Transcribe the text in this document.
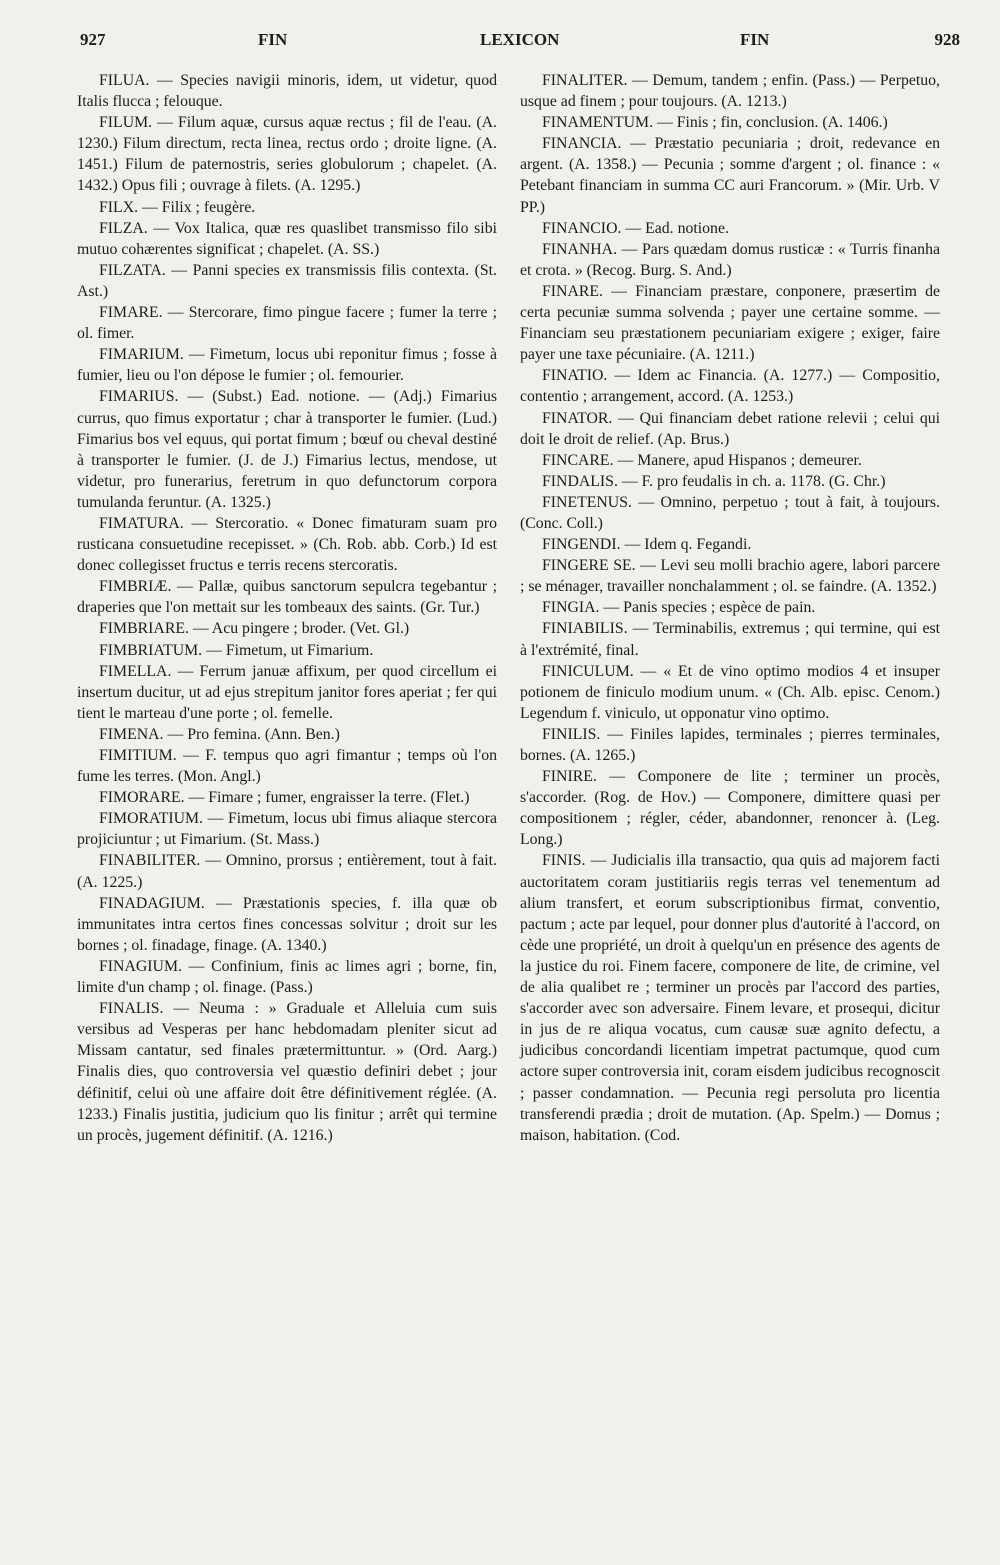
927	FIN	LEXICON	FIN	928

FILUA. — Species navigii minoris, idem, ut videtur, quod Italis flucca ; felouque.

FILUM. — Filum aquæ, cursus aquæ rectus ; fil de l'eau. (A. 1230.) Filum directum, recta linea, rectus ordo ; droite ligne. (A. 1451.) Filum de paternostris, series globulorum ; chapelet. (A. 1432.) Opus fili ; ouvrage à filets. (A. 1295.)

FILX. — Filix ; feugère.

FILZA. — Vox Italica, quæ res quaslibet transmisso filo sibi mutuo cohærentes significat ; chapelet. (A. SS.)

FILZATA. — Panni species ex transmissis filis contexta. (St. Ast.)

FIMARE. — Stercorare, fimo pingue facere ; fumer la terre ; ol. fimer.

FIMARIUM. — Fimetum, locus ubi reponitur fimus ; fosse à fumier, lieu ou l'on dépose le fumier ; ol. femourier.

FIMARIUS. — (Subst.) Ead. notione. — (Adj.) Fimarius currus, quo fimus exportatur ; char à transporter le fumier. (Lud.) Fimarius bos vel equus, qui portat fimum ; bœuf ou cheval destiné à transporter le fumier. (J. de J.) Fimarius lectus, mendose, ut videtur, pro funerarius, feretrum in quo defunctorum corpora tumulanda feruntur. (A. 1325.)

FIMATURA. — Stercoratio. « Donec fimaturam suam pro rusticana consuetudine recepisset. » (Ch. Rob. abb. Corb.) Id est donec collegisset fructus e terris recens stercoratis.

FIMBRIÆ. — Pallæ, quibus sanctorum sepulcra tegebantur ; draperies que l'on mettait sur les tombeaux des saints. (Gr. Tur.)

FIMBRIARE. — Acu pingere ; broder. (Vet. Gl.)

FIMBRIATUM. — Fimetum, ut Fimarium.

FIMELLA. — Ferrum januæ affixum, per quod circellum ei insertum ducitur, ut ad ejus strepitum janitor fores aperiat ; fer qui tient le marteau d'une porte ; ol. femelle.

FIMENA. — Pro femina. (Ann. Ben.)

FIMITIUM. — F. tempus quo agri fimantur ; temps où l'on fume les terres. (Mon. Angl.)

FIMORARE. — Fimare ; fumer, engraisser la terre. (Flet.)

FIMORATIUM. — Fimetum, locus ubi fimus aliaque stercora projiciuntur ; ut Fimarium. (St. Mass.)

FINABILITER. — Omnino, prorsus ; entièrement, tout à fait. (A. 1225.)

FINADAGIUM. — Præstationis species, f. illa quæ ob immunitates intra certos fines concessas solvitur ; droit sur les bornes ; ol. finadage, finage. (A. 1340.)

FINAGIUM. — Confinium, finis ac limes agri ; borne, fin, limite d'un champ ; ol. finage. (Pass.)

FINALIS. — Neuma : » Graduale et Alleluia cum suis versibus ad Vesperas per hanc hebdomadam pleniter sicut ad Missam cantatur, sed finales prætermittuntur. » (Ord. Aarg.) Finalis dies, quo controversia vel quæstio definiri debet ; jour définitif, celui où une affaire doit être définitivement réglée. (A. 1233.) Finalis justitia, judicium quo lis finitur ; arrêt qui termine un procès, jugement définitif. (A. 1216.)

FINALITER. — Demum, tandem ; enfin. (Pass.) — Perpetuo, usque ad finem ; pour toujours. (A. 1213.)

FINAMENTUM. — Finis ; fin, conclusion. (A. 1406.)

FINANCIA. — Præstatio pecuniaria ; droit, redevance en argent. (A. 1358.) — Pecunia ; somme d'argent ; ol. finance : « Petebant financiam in summa CC auri Francorum. » (Mir. Urb. V PP.)

FINANCIO. — Ead. notione.

FINANHA. — Pars quædam domus rusticæ : « Turris finanha et crota. » (Recog. Burg. S. And.)

FINARE. — Financiam præstare, conponere, præsertim de certa pecuniæ summa solvenda ; payer une certaine somme. — Financiam seu præstationem pecuniariam exigere ; exiger, faire payer une taxe pécuniaire. (A. 1211.)

FINATIO. — Idem ac Financia. (A. 1277.) — Compositio, contentio ; arrangement, accord. (A. 1253.)

FINATOR. — Qui financiam debet ratione relevii ; celui qui doit le droit de relief. (Ap. Brus.)

FINCARE. — Manere, apud Hispanos ; demeurer.

FINDALIS. — F. pro feudalis in ch. a. 1178. (G. Chr.)

FINETENUS. — Omnino, perpetuo ; tout à fait, à toujours. (Conc. Coll.)

FINGENDI. — Idem q. Fegandi.

FINGERE SE. — Levi seu molli brachio agere, labori parcere ; se ménager, travailler nonchalamment ; ol. se faindre. (A. 1352.)

FINGIA. — Panis species ; espèce de pain.

FINIABILIS. — Terminabilis, extremus ; qui termine, qui est à l'extrémité, final.

FINICULUM. — « Et de vino optimo modios 4 et insuper potionem de finiculo modium unum. « (Ch. Alb. episc. Cenom.) Legendum f. viniculo, ut opponatur vino optimo.

FINILIS. — Finiles lapides, terminales ; pierres terminales, bornes. (A. 1265.)

FINIRE. — Componere de lite ; terminer un procès, s'accorder. (Rog. de Hov.) — Componere, dimittere quasi per compositionem ; régler, céder, abandonner, renoncer à. (Leg. Long.)

FINIS. — Judicialis illa transactio, qua quis ad majorem facti auctoritatem coram justitiariis regis terras vel tenementum ad alium transfert, et eorum subscriptionibus firmat, conventio, pactum ; acte par lequel, pour donner plus d'autorité à l'accord, on cède une propriété, un droit à quelqu'un en présence des agents de la justice du roi. Finem facere, componere de lite, de crimine, vel de alia qualibet re ; terminer un procès par l'accord des parties, s'accorder avec son adversaire. Finem levare, et prosequi, dicitur in jus de re aliqua vocatus, cum causæ suæ agnito defectu, a judicibus concordandi licentiam impetrat pactumque, quod cum actore super controversia init, coram eisdem judicibus recognoscit ; passer condamnation. — Pecunia regi persoluta pro licentia transferendi prædia ; droit de mutation. (Ap. Spelm.) — Domus ; maison, habitation. (Cod.
